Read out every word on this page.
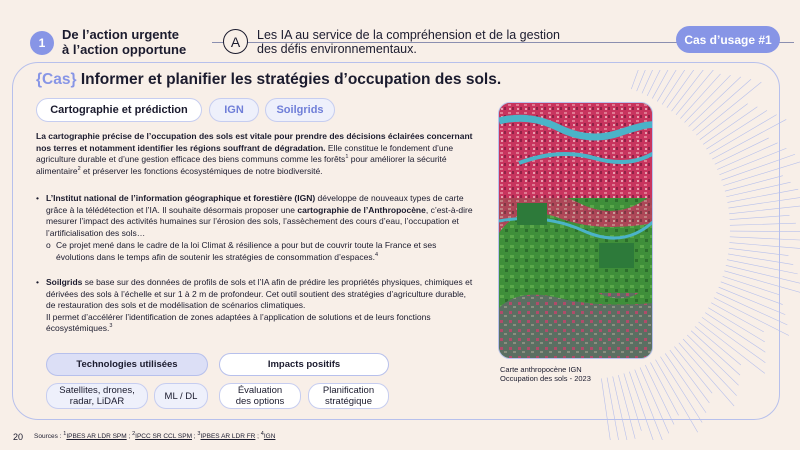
1
De l’action urgente
à l’action opportune	A Les IA au service de la compréhension et de la gestion
des défis environnementaux.
Cas d’usage #1
{Cas} Informer et planifier les stratégies d’occupation des sols.
Cartographie et prédiction	IGN	Soilgrids
La cartographie précise de l’occupation des sols est vitale pour prendre des décisions éclairées concernant nos terres et notamment identifier les régions souffrant de dégradation. Elle constitue le fondement d’une agriculture durable et d’une gestion efficace des biens communs comme les forêts$^1$ pour améliorer la sécurité alimentaire$^2$ et préserver les fonctions écosystémiques de notre biodiversité.
• L’Institut national de l’information géographique et forestière (IGN) développe de nouveaux types de carte grâce à la télédétection et l’IA. Il souhaite désormais proposer une cartographie de l’Anthropocène, c’est-à-dire mesurer l’impact des activités humaines sur l’érosion des sols, l’assèchement des cours d’eau, l’occupation et l’artificialisation des sols…
o Ce projet mené dans le cadre de la loi Climat & résilience a pour but de couvrir toute la France et ses évolutions dans le temps afin de soutenir les stratégies de consommation d’espaces.$^4$
• Soilgrids se base sur des données de profils de sols et l’IA afin de prédire les propriétés physiques, chimiques et dérivées des sols à l’échelle et sur 1 à 2 m de profondeur. Cet outil soutient des stratégies d’agriculture durable, de restauration des sols et de modélisation de scénarios climatiques.
Il permet d’accélérer l’identification de zones adaptées à l’application de solutions et de leurs fonctions écosystémiques.$^3$
Technologies utilisées	Impacts positifs
Satellites, drones,
radar, LiDAR	ML / DL	Évaluation
des options
Planification
stratégique
Carte anthropocène IGN
Occupation des sols - 2023
20 Sources : $^1$IPBES AR LDR SPM ; $^2$IPCC SR CCL SPM ; $^3$IPBES AR LDR FR ; $^4$IGN
